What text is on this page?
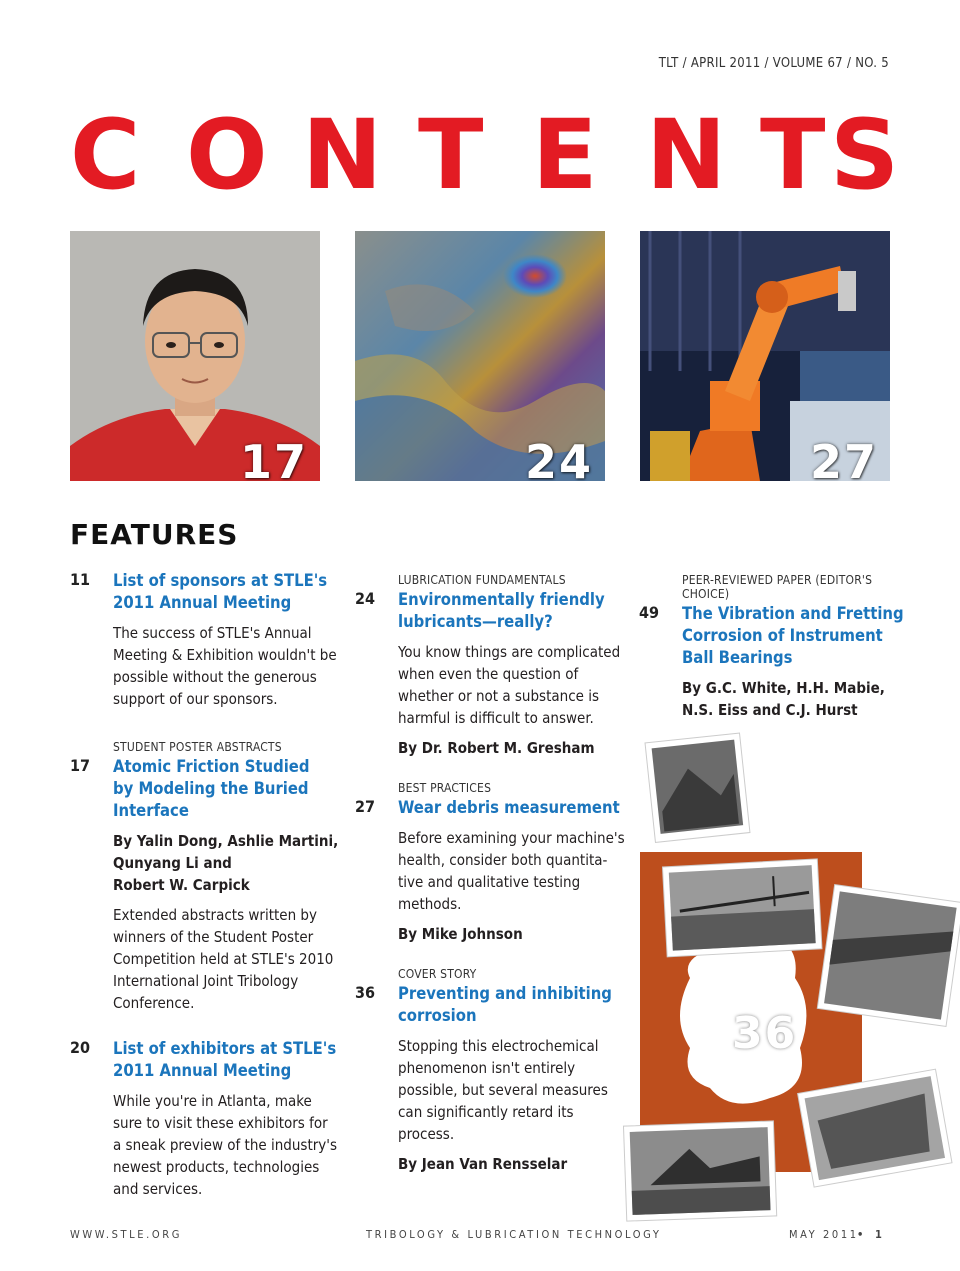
TLT / APRIL 2011 / VOLUME 67 / NO. 5
C O N T E N T S
17	24	27
FEATURES
11 List of sponsors at STLE's
2011 Annual Meeting
The success of STLE's Annual
Meeting & Exhibition wouldn't be
possible without the generous
support of our sponsors.
STUDENT POSTER ABSTRACTS
17 Atomic Friction Studied
by Modeling the Buried
Interface
By Yalin Dong, Ashlie Martini,
Qunyang Li and
Robert W. Carpick
Extended abstracts written by
winners of the Student Poster
Competition held at STLE's 2010
International Joint Tribology
Conference.
20 List of exhibitors at STLE's
2011 Annual Meeting
While you're in Atlanta, make
sure to visit these exhibitors for
a sneak preview of the industry's
newest products, technologies
and services.
LUBRICATION FUNDAMENTALS
24 Environmentally friendly
lubricants—really?
You know things are complicated
when even the question of
whether or not a substance is
harmful is difficult to answer.
By Dr. Robert M. Gresham
BEST PRACTICES
27 Wear debris measurement
Before examining your machine's
health, consider both quantita-
tive and qualitative testing
methods.
By Mike Johnson
COVER STORY
36 Preventing and inhibiting
corrosion
Stopping this electrochemical
phenomenon isn't entirely
possible, but several measures
can significantly retard its
process.
By Jean Van Rensselar
PEER-REVIEWED PAPER (EDITOR'S CHOICE)
49 The Vibration and Fretting
Corrosion of Instrument
Ball Bearings
By G.C. White, H.H. Mabie,
N.S. Eiss and C.J. Hurst
36
WWW.STLE.ORG	TRIBOLOGY & LUBRICATION TECHNOLOGY	MAY 2011
• 1
